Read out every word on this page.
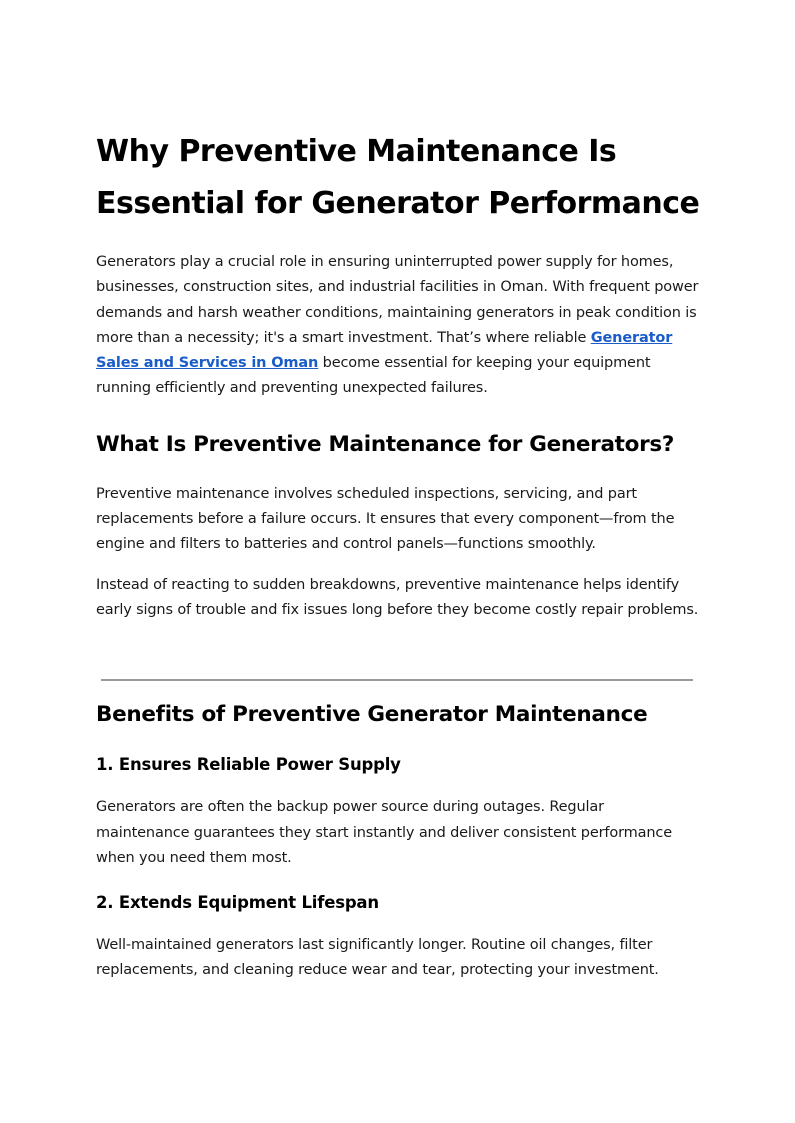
Why Preventive Maintenance Is Essential for Generator Performance

Generators play a crucial role in ensuring uninterrupted power supply for homes, businesses, construction sites, and industrial facilities in Oman. With frequent power demands and harsh weather conditions, maintaining generators in peak condition is more than a necessity; it's a smart investment. That’s where reliable Generator Sales and Services in Oman become essential for keeping your equipment running efficiently and preventing unexpected failures.

What Is Preventive Maintenance for Generators?

Preventive maintenance involves scheduled inspections, servicing, and part replacements before a failure occurs. It ensures that every component—from the engine and filters to batteries and control panels—functions smoothly.

Instead of reacting to sudden breakdowns, preventive maintenance helps identify early signs of trouble and fix issues long before they become costly repair problems.

Benefits of Preventive Generator Maintenance
1. Ensures Reliable Power Supply

Generators are often the backup power source during outages. Regular maintenance guarantees they start instantly and deliver consistent performance when you need them most.

2. Extends Equipment Lifespan

Well-maintained generators last significantly longer. Routine oil changes, filter replacements, and cleaning reduce wear and tear, protecting your investment.
